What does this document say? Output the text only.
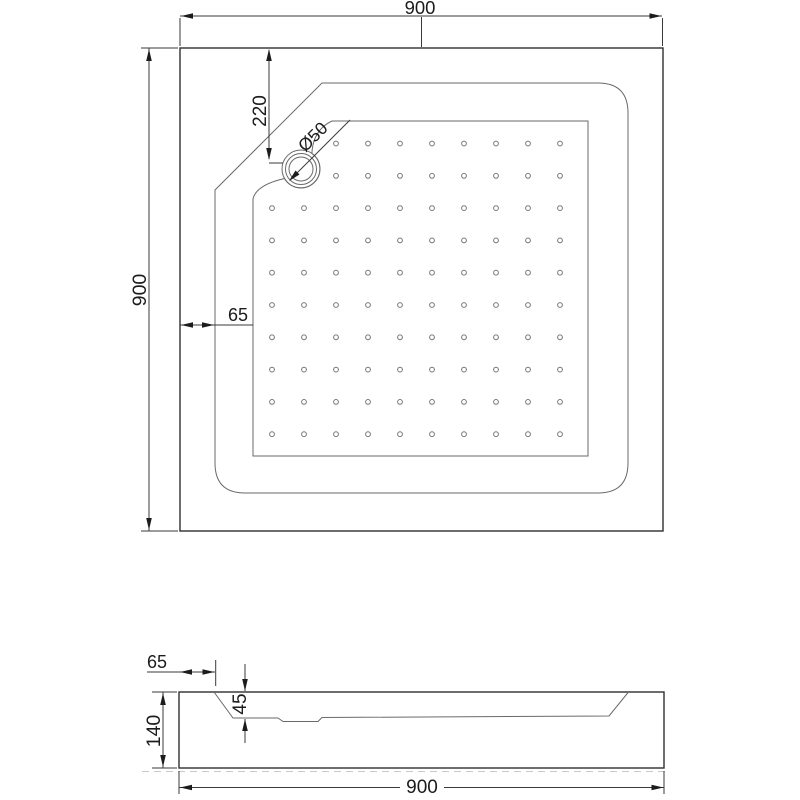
900
900
220
65
Ø50
65
140
45
900
